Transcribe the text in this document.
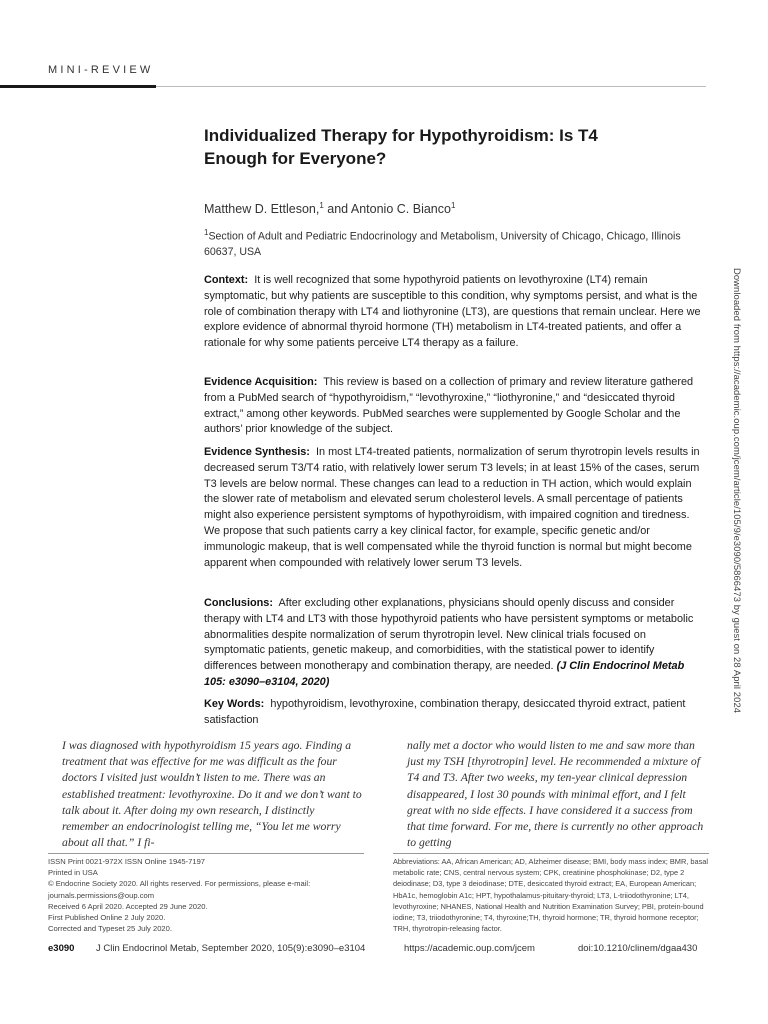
MINI-REVIEW
Individualized Therapy for Hypothyroidism: Is T4
Enough for Everyone?
Matthew D. Ettleson,$^1$ and Antonio C. Bianco$^1$
$^1$Section of Adult and Pediatric Endocrinology and Metabolism, University of Chicago, Chicago, Illinois 60637, USA
Context: It is well recognized that some hypothyroid patients on levothyroxine (LT4) remain symptomatic, but why patients are susceptible to this condition, why symptoms persist, and what is the role of combination therapy with LT4 and liothyronine (LT3), are questions that remain unclear. Here we explore evidence of abnormal thyroid hormone (TH) metabolism in LT4-treated patients, and offer a rationale for why some patients perceive LT4 therapy as a failure.
Evidence Acquisition: This review is based on a collection of primary and review literature gathered from a PubMed search of “hypothyroidism,” “levothyroxine,” “liothyronine,” and “desiccated thyroid extract,” among other keywords. PubMed searches were supplemented by Google Scholar and the authors’ prior knowledge of the subject.
Evidence Synthesis: In most LT4-treated patients, normalization of serum thyrotropin levels results in decreased serum T3/T4 ratio, with relatively lower serum T3 levels; in at least 15% of the cases, serum T3 levels are below normal. These changes can lead to a reduction in TH action, which would explain the slower rate of metabolism and elevated serum cholesterol levels. A small percentage of patients might also experience persistent symptoms of hypothyroidism, with impaired cognition and tiredness. We propose that such patients carry a key clinical factor, for example, specific genetic and/or immunologic makeup, that is well compensated while the thyroid function is normal but might become apparent when compounded with relatively lower serum T3 levels.
Conclusions: After excluding other explanations, physicians should openly discuss and consider therapy with LT4 and LT3 with those hypothyroid patients who have persistent symptoms or metabolic abnormalities despite normalization of serum thyrotropin level. New clinical trials focused on symptomatic patients, genetic makeup, and comorbidities, with the statistical power to identify differences between monotherapy and combination therapy, are needed. (J Clin Endocrinol Metab 105: e3090–e3104, 2020)
Key Words: hypothyroidism, levothyroxine, combination therapy, desiccated thyroid extract, patient satisfaction
Downloaded from https://academic.oup.com/jcem/article/105/9/e3090/5866473 by guest on 28 April 2024
I was diagnosed with hypothyroidism 15 years ago. Finding a treatment that was effective for me was difficult as the four doctors I visited just wouldn’t listen to me. There was an established treatment: levothyroxine. Do it and we don’t want to talk about it. After doing my own research, I distinctly remember an endocrinologist telling me, “You let me worry about all that.” I fi-
nally met a doctor who would listen to me and saw more than just my TSH [thyrotropin] level. He recommended a mixture of T4 and T3. After two weeks, my ten-year clinical depression disappeared, I lost 30 pounds with minimal effort, and I felt great with no side effects. I have considered it a success from that time forward. For me, there is currently no other approach to getting
ISSN Print 0021-972X ISSN Online 1945-7197
Printed in USA
© Endocrine Society 2020. All rights reserved. For permissions, please e-mail: journals.permissions@oup.com
Received 6 April 2020. Accepted 29 June 2020.
First Published Online 2 July 2020.
Corrected and Typeset 25 July 2020.
Abbreviations: AA, African American; AD, Alzheimer disease; BMI, body mass index; BMR, basal metabolic rate; CNS, central nervous system; CPK, creatinine phosphokinase; D2, type 2 deiodinase; D3, type 3 deiodinase; DTE, desiccated thyroid extract; EA, European American; HbA1c, hemoglobin A1c; HPT, hypothalamus-pituitary-thyroid; LT3, L-triiodothyronine; LT4, levothyroxine; NHANES, National Health and Nutrition Examination Survey; PBI, protein-bound iodine; T3, triiodothyronine; T4, thyroxine;TH, thyroid hormone; TR, thyroid hormone receptor; TRH, thyrotropin-releasing factor.
e3090 J Clin Endocrinol Metab, September 2020, 105(9):e3090–e3104	https://academic.oup.com/jcem	doi:10.1210/clinem/dgaa430
